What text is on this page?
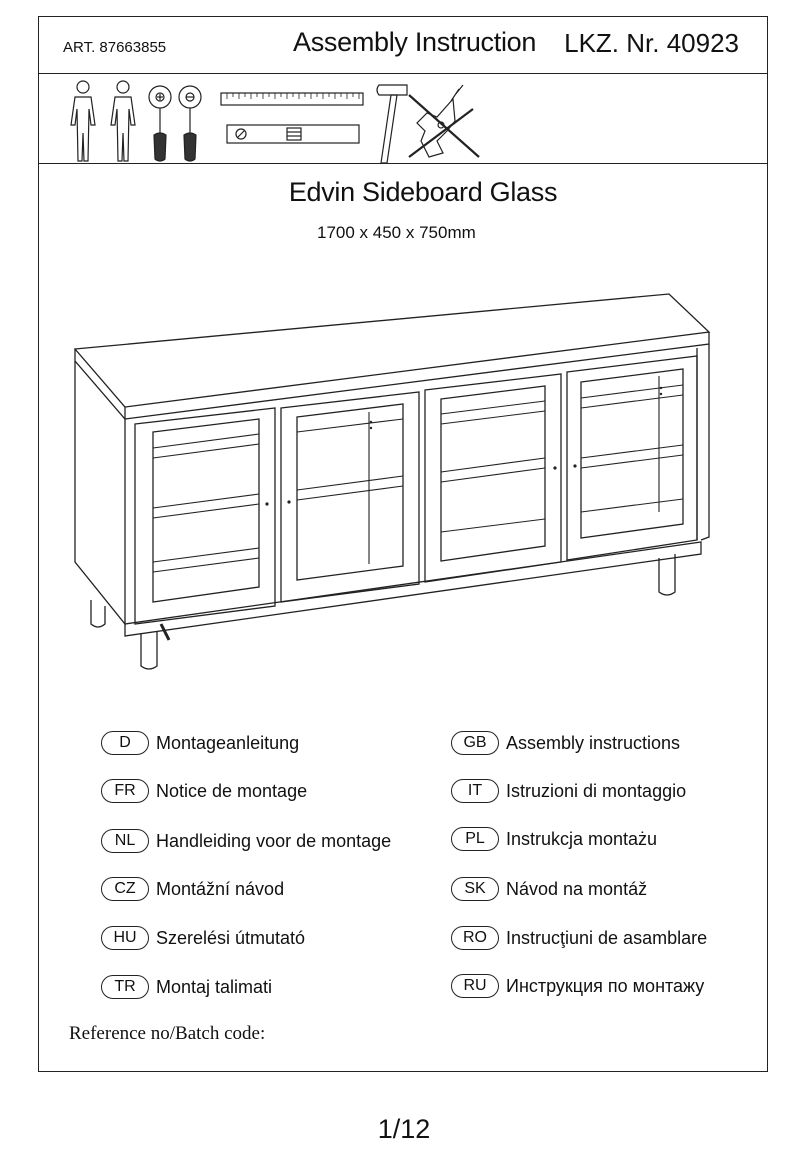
ART. 87663855	Assembly Instruction LKZ. Nr. 40923
Edvin Sideboard Glass
1700 x 450 x 750mm
D	Montageanleitung
FR	Notice de montage
NL	Handleiding voor de montage
CZ	Montážní návod
HU	Szerelési útmutató
TR	Montaj talimati
GB	Assembly instructions
IT	Istruzioni di montaggio
PL	Instrukcja montażu
SK	Návod na montáž
RO	Instrucţiuni de asamblare
RU	Инструкция по монтажу
Reference no/Batch code:
1/12
